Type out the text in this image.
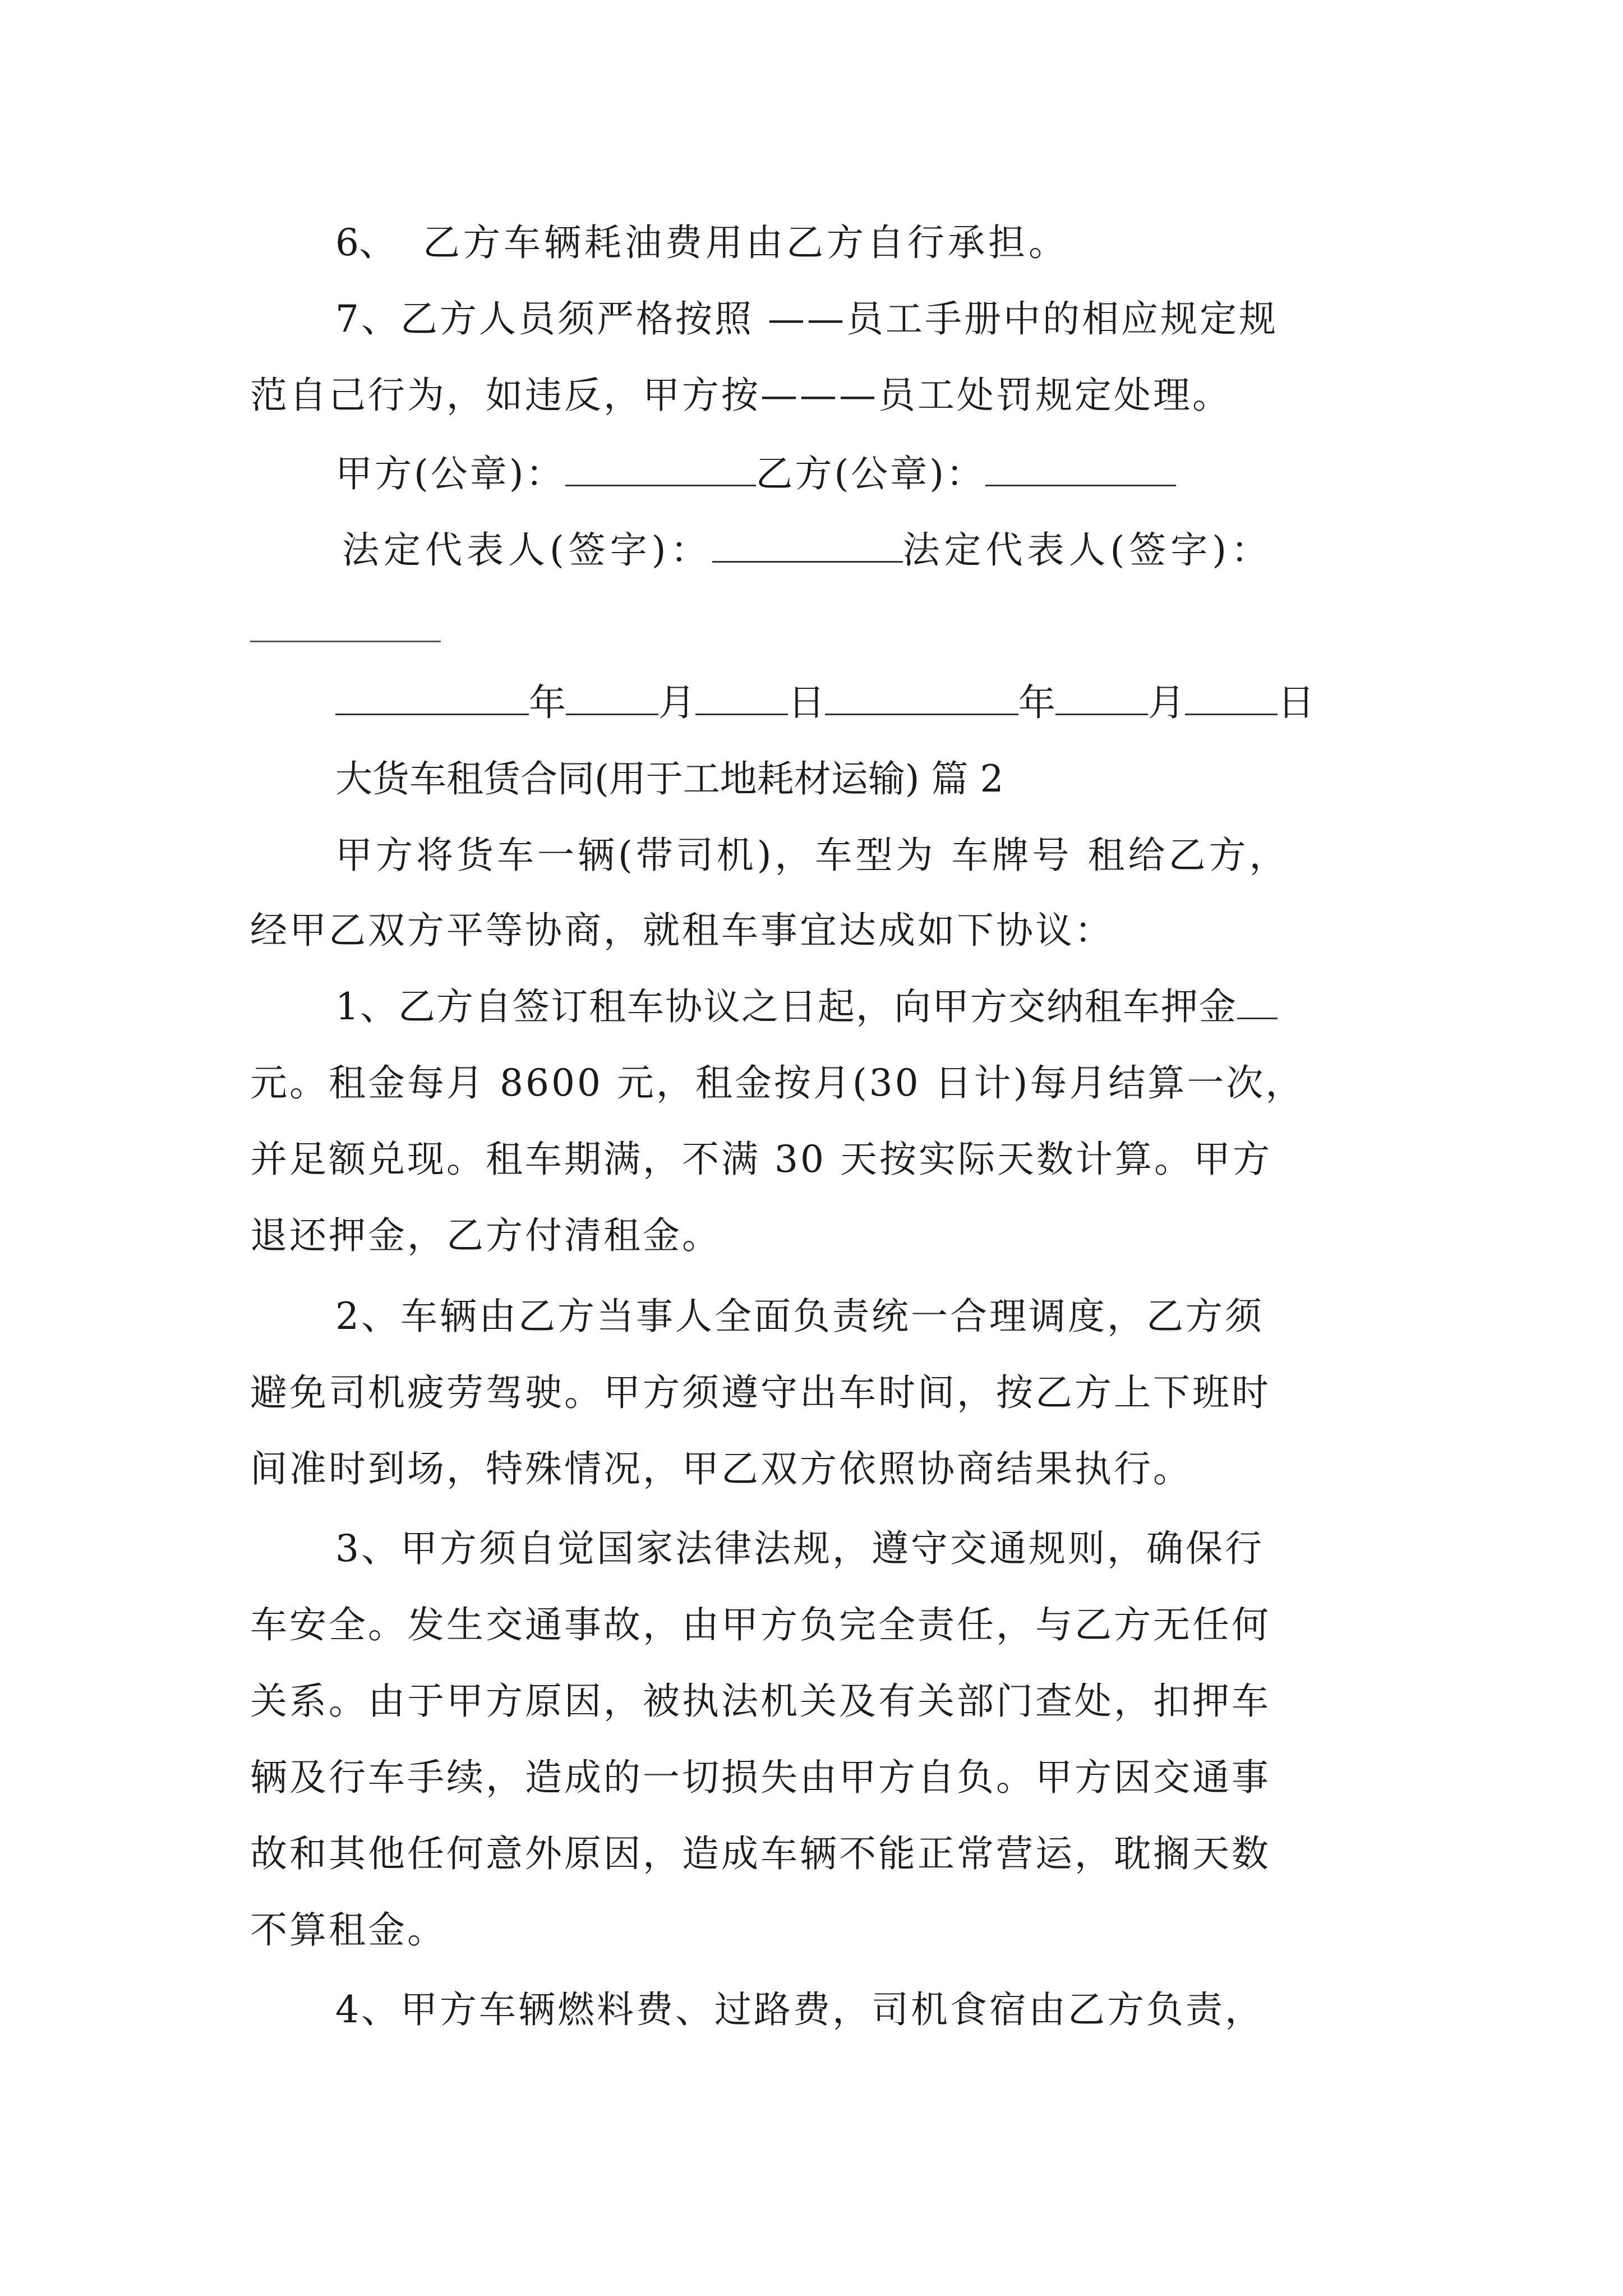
6、 乙方车辆耗油费用由乙方自行承担。
7、乙方人员须严格按照 ——员工手册中的相应规定规
范自己行为，如违反，甲方按———员工处罚规定处理。
甲方(公章)：	乙方(公章)：
法定代表人(签字)：	法定代表人(签字)：
年	月	日	年	月	日
大货车租赁合同(用于工地耗材运输) 篇 2
甲方将货车一辆(带司机)，车型为 车牌号 租给乙方，
经甲乙双方平等协商，就租车事宜达成如下协议：
1、乙方自签订租车协议之日起，向甲方交纳租车押金
元。租金每月 8600 元，租金按月(30 日计)每月结算一次，
并足额兑现。租车期满，不满 30 天按实际天数计算。甲方
退还押金，乙方付清租金。
2、车辆由乙方当事人全面负责统一合理调度，乙方须
避免司机疲劳驾驶。甲方须遵守出车时间，按乙方上下班时
间准时到场，特殊情况，甲乙双方依照协商结果执行。
3、甲方须自觉国家法律法规，遵守交通规则，确保行
车安全。发生交通事故，由甲方负完全责任，与乙方无任何
关系。由于甲方原因，被执法机关及有关部门查处，扣押车
辆及行车手续，造成的一切损失由甲方自负。甲方因交通事
故和其他任何意外原因，造成车辆不能正常营运，耽搁天数
不算租金。
4、甲方车辆燃料费、过路费，司机食宿由乙方负责，
